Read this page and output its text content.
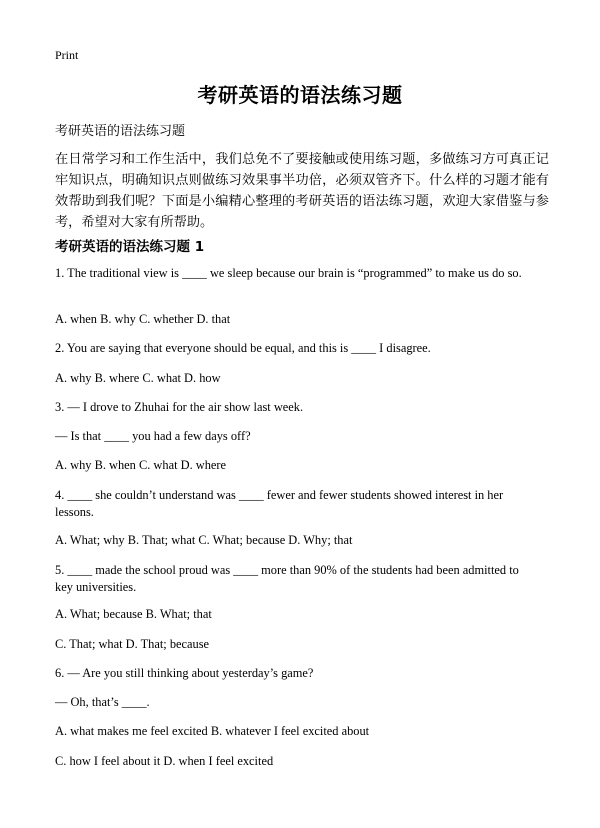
Print
考研英语的语法练习题
考研英语的语法练习题
在日常学习和工作生活中，我们总免不了要接触或使用练习题，多做练习方可真正记牢知识点，明确知识点则做练习效果事半功倍，必须双管齐下。什么样的习题才能有效帮助到我们呢？下面是小编精心整理的考研英语的语法练习题，欢迎大家借鉴与参考，希望对大家有所帮助。
考研英语的语法练习题 1
1. The traditional view is ____ we sleep because our brain is “programmed” to make us do so.
A. when B. why C. whether D. that
2. You are saying that everyone should be equal, and this is ____ I disagree.
A. why B. where C. what D. how
3. — I drove to Zhuhai for the air show last week.
— Is that ____ you had a few days off?
A. why B. when C. what D. where
4. ____ she couldn’t understand was ____ fewer and fewer students showed interest in her lessons.
A. What; why B. That; what C. What; because D. Why; that
5. ____ made the school proud was ____ more than 90% of the students had been admitted to key universities.
A. What; because B. What; that
C. That; what D. That; because
6. — Are you still thinking about yesterday’s game?
— Oh, that’s ____.
A. what makes me feel excited B. whatever I feel excited about
C. how I feel about it D. when I feel excited
